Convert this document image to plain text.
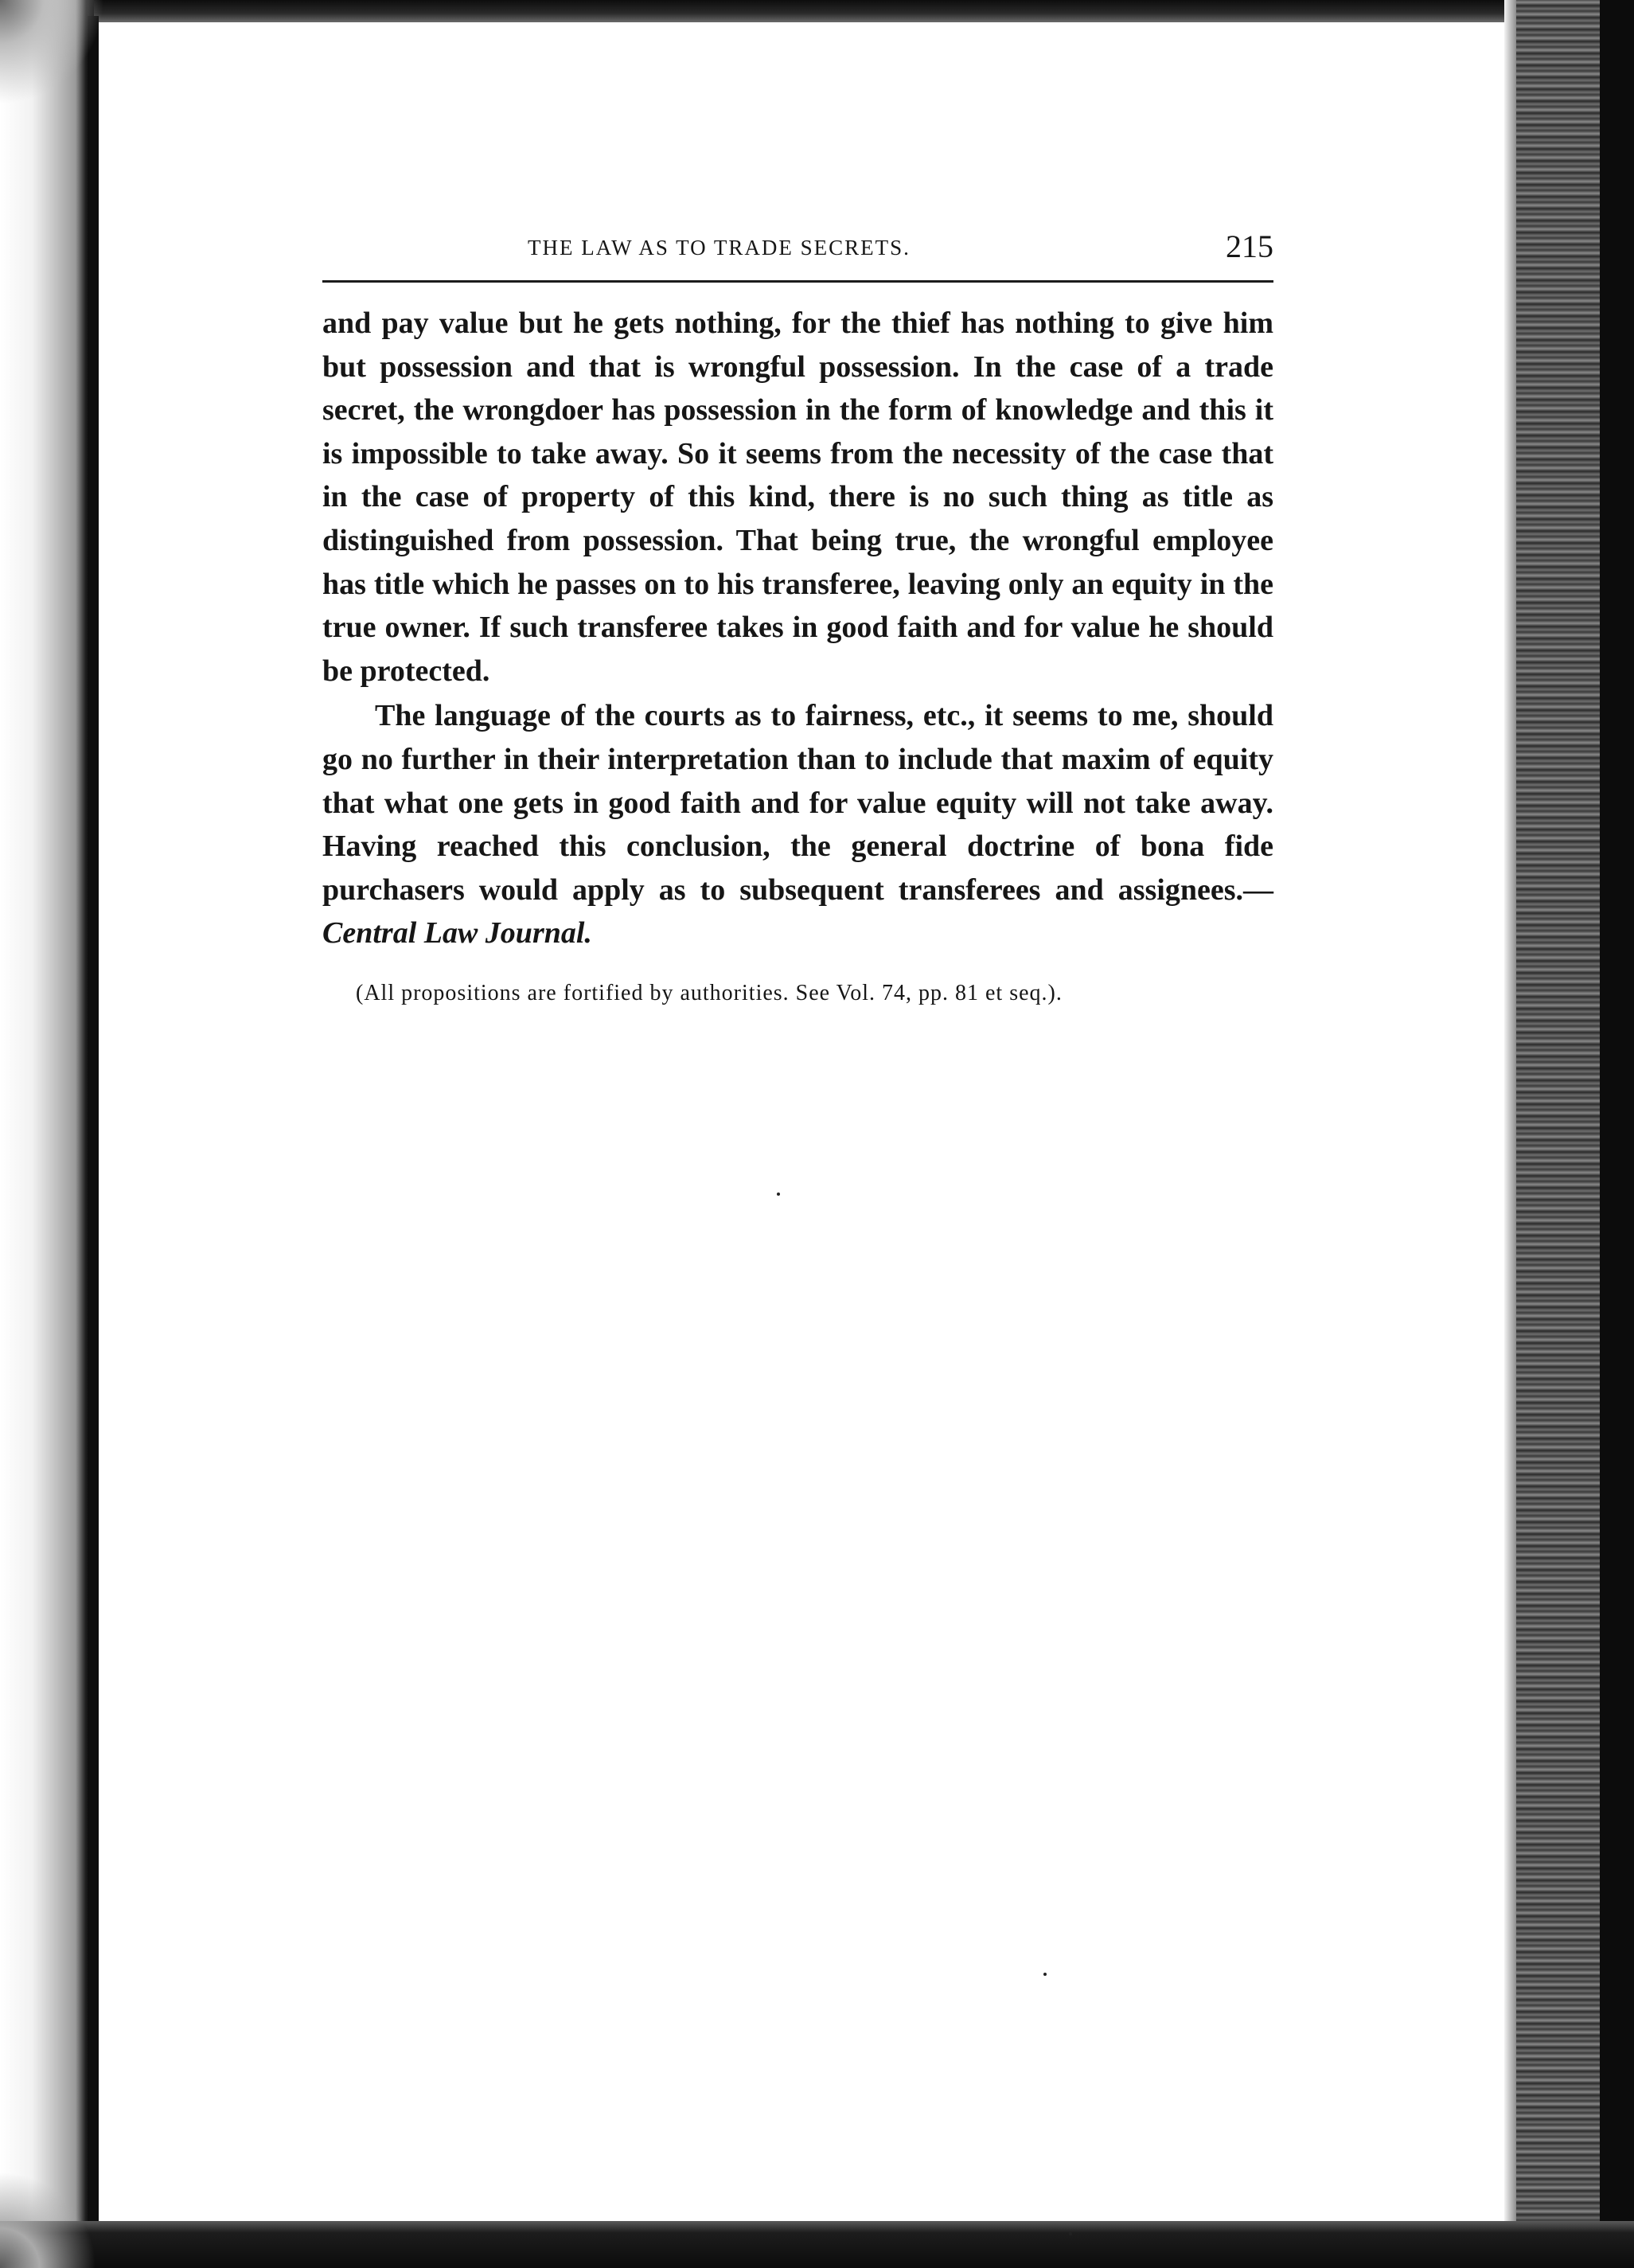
THE LAW AS TO TRADE SECRETS.	215

and pay value but he gets nothing, for the thief has nothing to give him but possession and that is wrongful possession. In the case of a trade secret, the wrongdoer has possession in the form of knowledge and this it is impossible to take away. So it seems from the necessity of the case that in the case of property of this kind, there is no such thing as title as distinguished from possession. That being true, the wrongful employee has title which he passes on to his transferee, leaving only an equity in the true owner. If such transferee takes in good faith and for value he should be protected.

The language of the courts as to fairness, etc., it seems to me, should go no further in their interpretation than to include that maxim of equity that what one gets in good faith and for value equity will not take away. Having reached this conclusion, the general doctrine of bona fide purchasers would apply as to subsequent transferees and assignees.—Central Law Journal.

(All propositions are fortified by authorities. See Vol. 74, pp. 81 et seq.).
